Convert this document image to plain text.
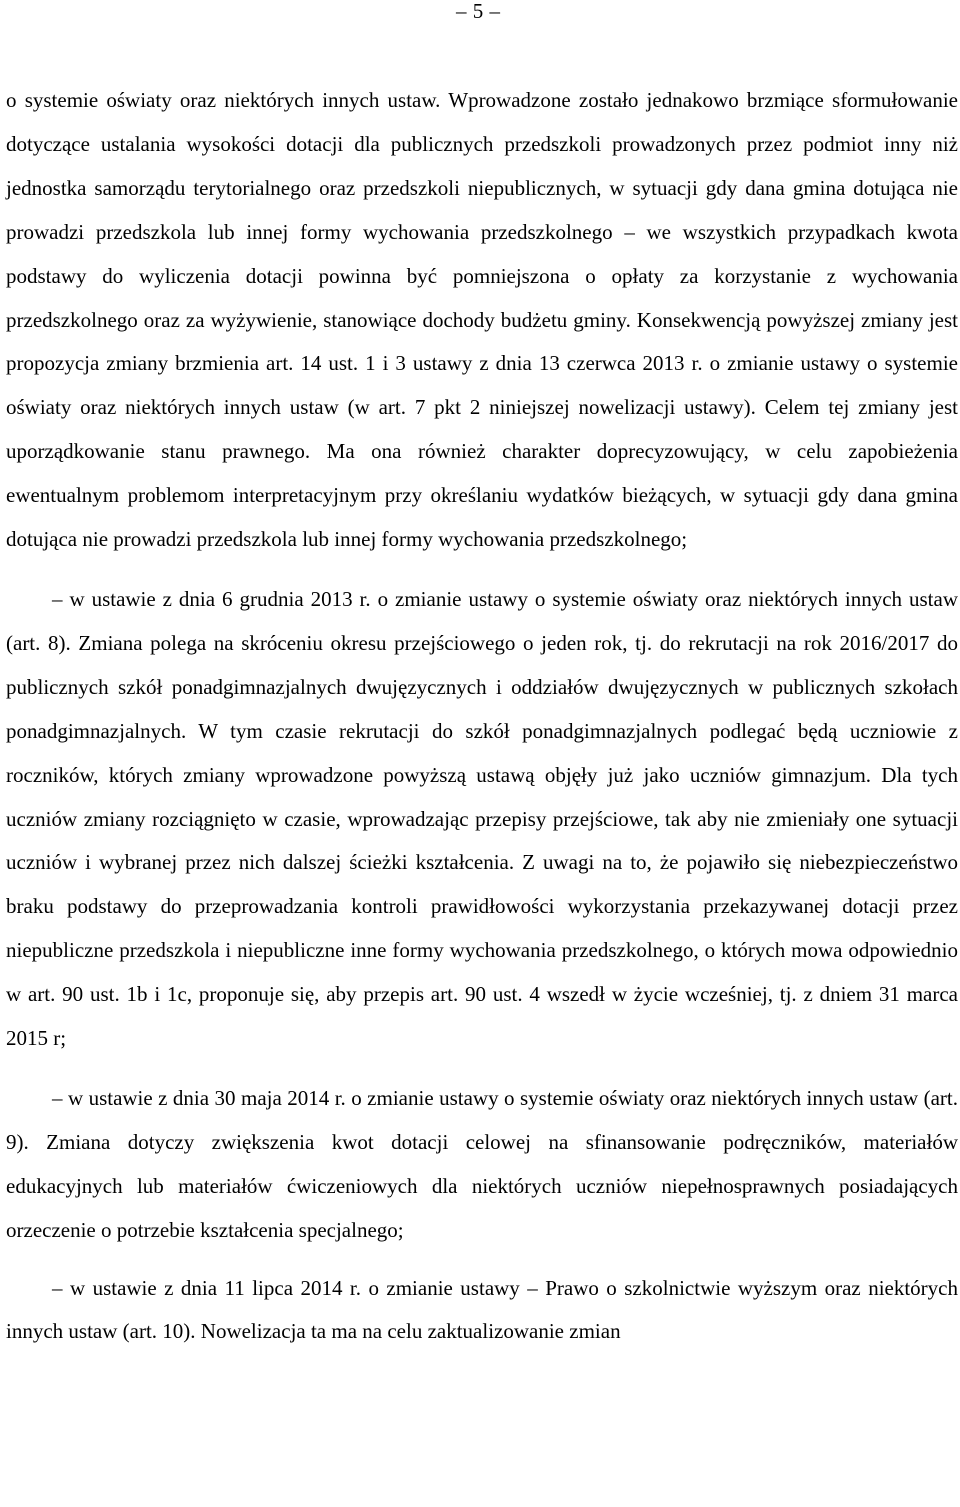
– 5 –

o systemie oświaty oraz niektórych innych ustaw. Wprowadzone zostało jednakowo brzmiące sformułowanie dotyczące ustalania wysokości dotacji dla publicznych przedszkoli prowadzonych przez podmiot inny niż jednostka samorządu terytorialnego oraz przedszkoli niepublicznych, w sytuacji gdy dana gmina dotująca nie prowadzi przedszkola lub innej formy wychowania przedszkolnego – we wszystkich przypadkach kwota podstawy do wyliczenia dotacji powinna być pomniejszona o opłaty za korzystanie z wychowania przedszkolnego oraz za wyżywienie, stanowiące dochody budżetu gminy. Konsekwencją powyższej zmiany jest propozycja zmiany brzmienia art. 14 ust. 1 i 3 ustawy z dnia 13 czerwca 2013 r. o zmianie ustawy o systemie oświaty oraz niektórych innych ustaw (w art. 7 pkt 2 niniejszej nowelizacji ustawy). Celem tej zmiany jest uporządkowanie stanu prawnego. Ma ona również charakter doprecyzowujący, w celu zapobieżenia ewentualnym problemom interpretacyjnym przy określaniu wydatków bieżących, w sytuacji gdy dana gmina dotująca nie prowadzi przedszkola lub innej formy wychowania przedszkolnego;

– w ustawie z dnia 6 grudnia 2013 r. o zmianie ustawy o systemie oświaty oraz niektórych innych ustaw (art. 8). Zmiana polega na skróceniu okresu przejściowego o jeden rok, tj. do rekrutacji na rok 2016/2017 do publicznych szkół ponadgimnazjalnych dwujęzycznych i oddziałów dwujęzycznych w publicznych szkołach ponadgimnazjalnych. W tym czasie rekrutacji do szkół ponadgimnazjalnych podlegać będą uczniowie z roczników, których zmiany wprowadzone powyższą ustawą objęły już jako uczniów gimnazjum. Dla tych uczniów zmiany rozciągnięto w czasie, wprowadzając przepisy przejściowe, tak aby nie zmieniały one sytuacji uczniów i wybranej przez nich dalszej ścieżki kształcenia. Z uwagi na to, że pojawiło się niebezpieczeństwo braku podstawy do przeprowadzania kontroli prawidłowości wykorzystania przekazywanej dotacji przez niepubliczne przedszkola i niepubliczne inne formy wychowania przedszkolnego, o których mowa odpowiednio w art. 90 ust. 1b i 1c, proponuje się, aby przepis art. 90 ust. 4 wszedł w życie wcześniej, tj. z dniem 31 marca 2015 r;

– w ustawie z dnia 30 maja 2014 r. o zmianie ustawy o systemie oświaty oraz niektórych innych ustaw (art. 9). Zmiana dotyczy zwiększenia kwot dotacji celowej na sfinansowanie podręczników, materiałów edukacyjnych lub materiałów ćwiczeniowych dla niektórych uczniów niepełnosprawnych posiadających orzeczenie o potrzebie kształcenia specjalnego;

– w ustawie z dnia 11 lipca 2014 r. o zmianie ustawy – Prawo o szkolnictwie wyższym oraz niektórych innych ustaw (art. 10). Nowelizacja ta ma na celu zaktualizowanie zmian
